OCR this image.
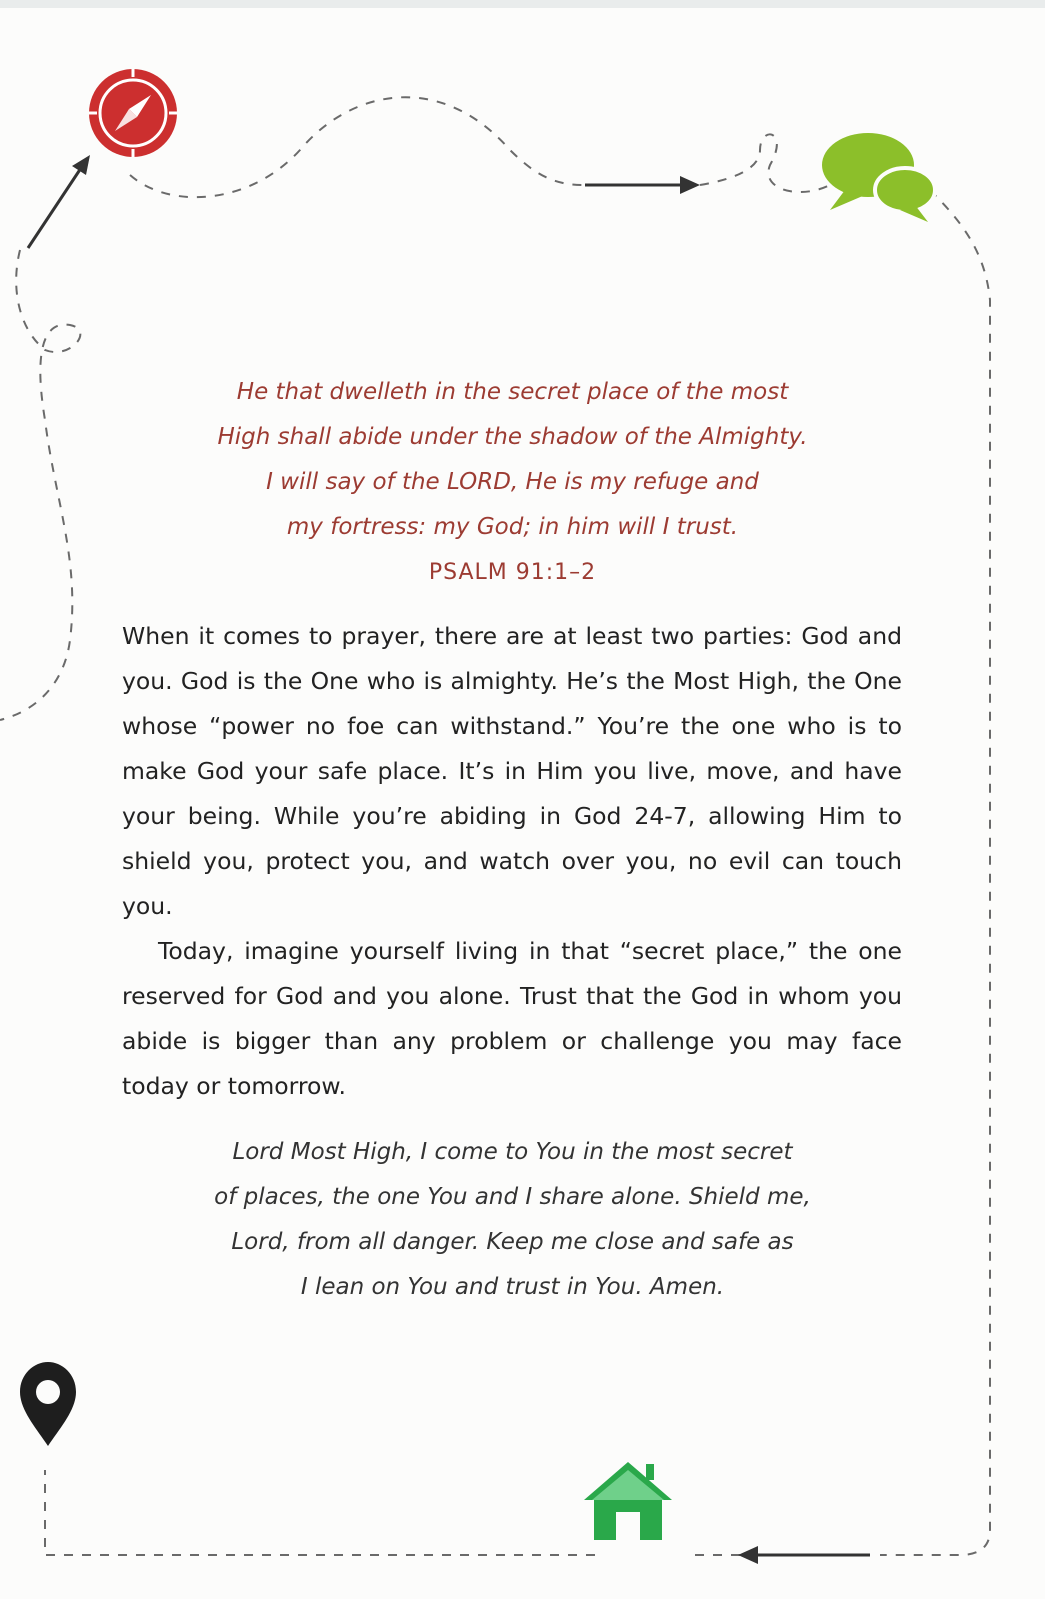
He that dwelleth in the secret place of the most
High shall abide under the shadow of the Almighty.
I will say of the LORD, He is my refuge and
my fortress: my God; in him will I trust.
PSALM 91:1–2

When it comes to prayer, there are at least two parties: God and you. God is the One who is almighty. He’s the Most High, the One whose “power no foe can withstand.” You’re the one who is to make God your safe place. It’s in Him you live, move, and have your being. While you’re abiding in God 24-7, allowing Him to shield you, protect you, and watch over you, no evil can touch you.

Today, imagine yourself living in that “secret place,” the one reserved for God and you alone. Trust that the God in whom you abide is bigger than any problem or challenge you may face today or tomorrow.

Lord Most High, I come to You in the most secret
of places, the one You and I share alone. Shield me,
Lord, from all danger. Keep me close and safe as
I lean on You and trust in You. Amen.
